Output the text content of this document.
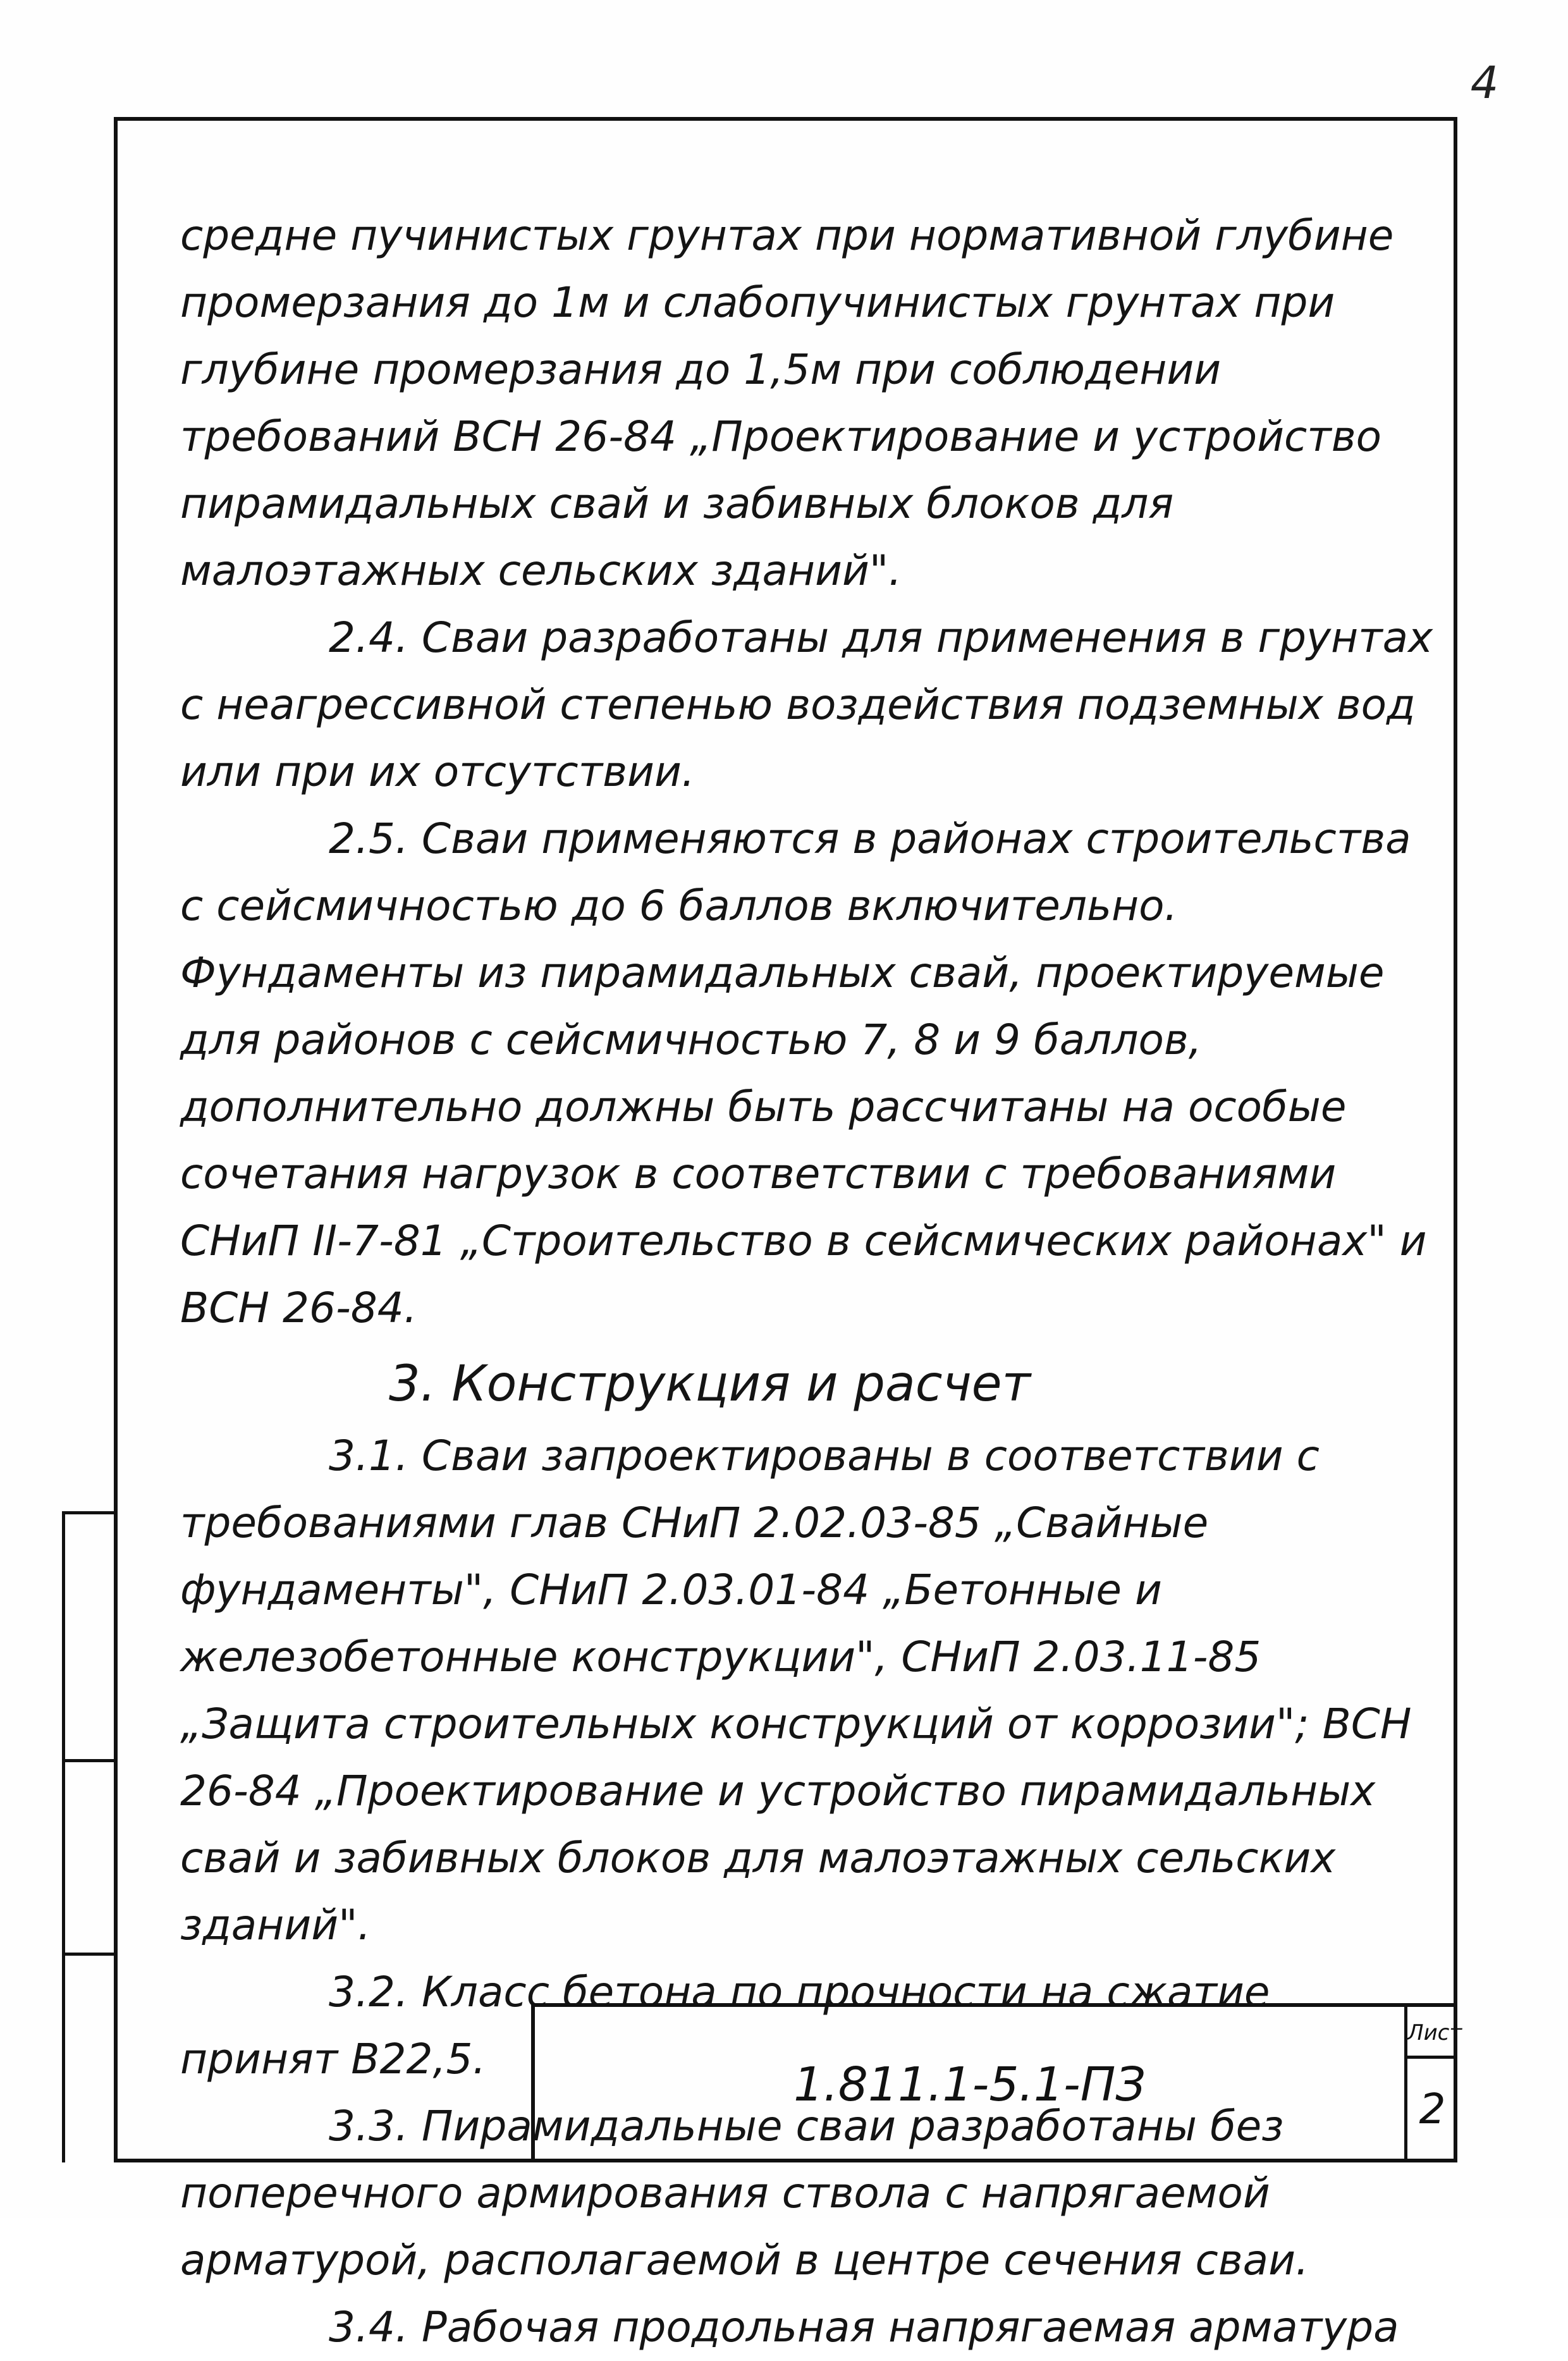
4

средне пучинистых грунтах при нормативной глубине промерзания до 1м и слабопучинистых грунтах при глубине промерзания до 1,5м при соблюдении требований ВСН 26-84 „Проектирование и устройство пирамидальных свай и забивных блоков для малоэтажных сельских зданий".

2.4. Сваи разработаны для применения в грунтах с неагрессивной степенью воздействия подземных вод или при их отсутствии.

2.5. Сваи применяются в районах строительства с сейсмичностью до 6 баллов включительно. Фундаменты из пирамидальных свай, проектируемые для районов с сейсмичностью 7, 8 и 9 баллов, дополнительно должны быть рассчитаны на особые сочетания нагрузок в соответствии с требованиями СНиП II-7-81 „Строительство в сейсмических районах" и ВСН 26-84.

3. Конструкция и расчет

3.1. Сваи запроектированы в соответствии с требованиями глав СНиП 2.02.03-85 „Свайные фундаменты", СНиП 2.03.01-84 „Бетонные и железобетонные конструкции", СНиП 2.03.11-85 „Защита строительных конструкций от коррозии"; ВСН 26-84 „Проектирование и устройство пирамидальных свай и забивных блоков для малоэтажных сельских зданий".

3.2. Класс бетона по прочности на сжатие принят В22,5.

3.3. Пирамидальные сваи разработаны без поперечного армирования ствола с напрягаемой арматурой, располагаемой в центре сечения сваи.

3.4. Рабочая продольная напрягаемая арматура

1.811.1-5.1-ПЗ
Лист
2
